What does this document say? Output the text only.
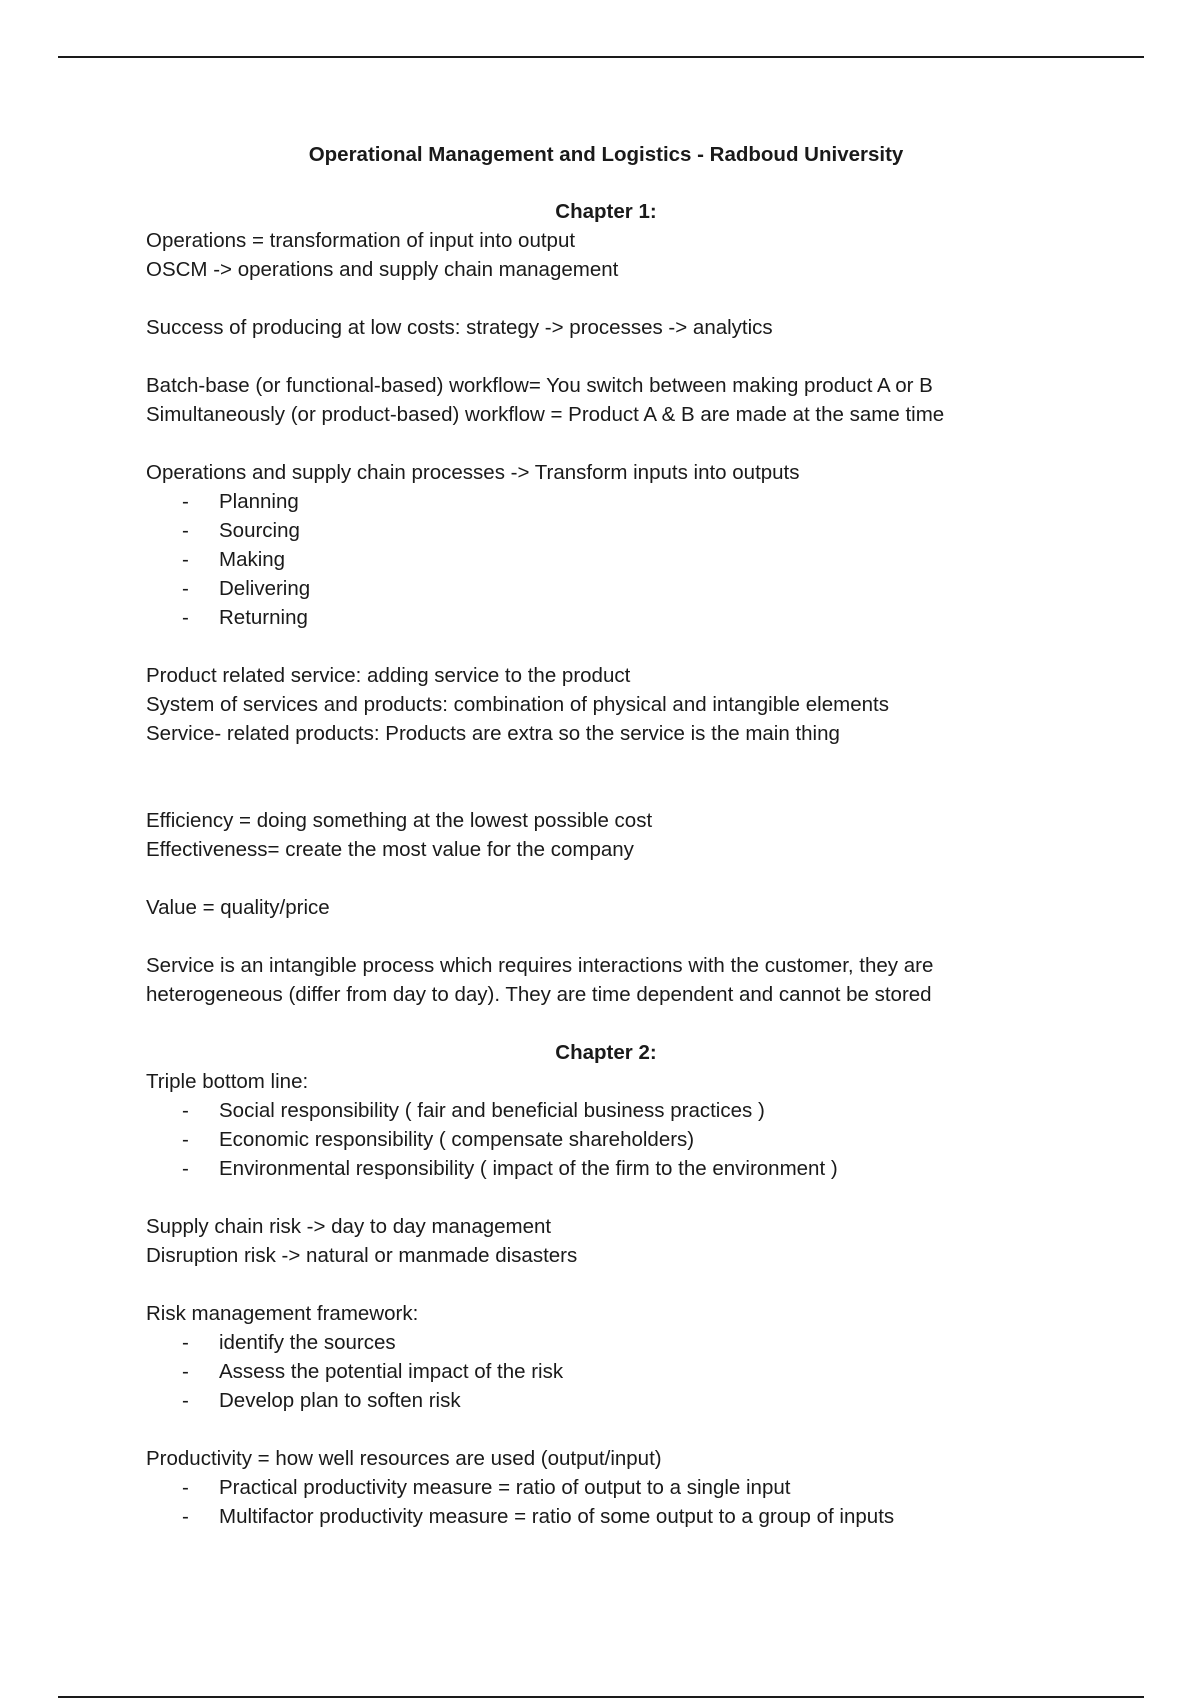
Operational Management and Logistics - Radboud University

Chapter 1:

Operations = transformation of input into output

OSCM -> operations and supply chain management

Success of producing at low costs: strategy -> processes -> analytics

Batch-base (or functional-based) workflow= You switch between making product A or B

Simultaneously (or product-based) workflow = Product A & B are made at the same time

Operations and supply chain processes -> Transform inputs into outputs

- Planning
- Sourcing
- Making
- Delivering
- Returning

Product related service: adding service to the product

System of services and products: combination of physical and intangible elements

Service- related products: Products are extra so the service is the main thing

Efficiency = doing something at the lowest possible cost

Effectiveness= create the most value for the company

Value = quality/price

Service is an intangible process which requires interactions with the customer, they are

heterogeneous (differ from day to day). They are time dependent and cannot be stored

Chapter 2:

Triple bottom line:

- Social responsibility ( fair and beneficial business practices )
- Economic responsibility ( compensate shareholders)
- Environmental responsibility ( impact of the firm to the environment )

Supply chain risk -> day to day management

Disruption risk -> natural or manmade disasters

Risk management framework:

- identify the sources
- Assess the potential impact of the risk
- Develop plan to soften risk

Productivity = how well resources are used (output/input)

- Practical productivity measure = ratio of output to a single input
- Multifactor productivity measure = ratio of some output to a group of inputs
